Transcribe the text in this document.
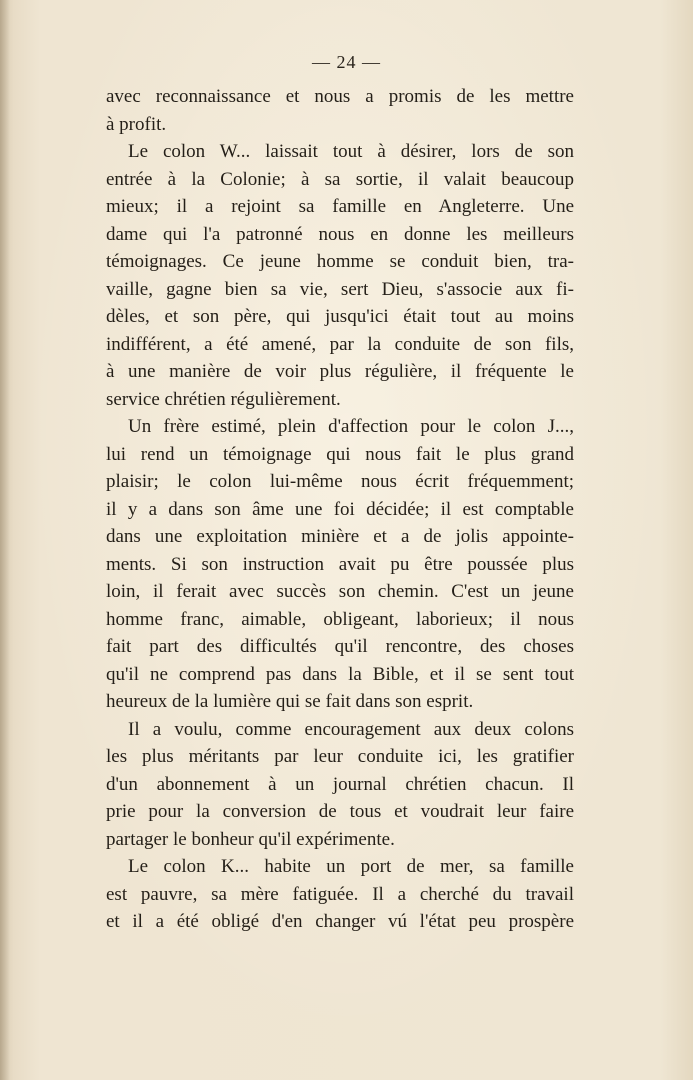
— 24 —
avec reconnaissance et nous a promis de les mettre
à profit.
Le colon W... laissait tout à désirer, lors de son
entrée à la Colonie; à sa sortie, il valait beaucoup
mieux; il a rejoint sa famille en Angleterre. Une
dame qui l'a patronné nous en donne les meilleurs
témoignages. Ce jeune homme se conduit bien, tra-
vaille, gagne bien sa vie, sert Dieu, s'associe aux fi-
dèles, et son père, qui jusqu'ici était tout au moins
indifférent, a été amené, par la conduite de son fils,
à une manière de voir plus régulière, il fréquente le
service chrétien régulièrement.
Un frère estimé, plein d'affection pour le colon J...,
lui rend un témoignage qui nous fait le plus grand
plaisir; le colon lui-même nous écrit fréquemment;
il y a dans son âme une foi décidée; il est comptable
dans une exploitation minière et a de jolis appointe-
ments. Si son instruction avait pu être poussée plus
loin, il ferait avec succès son chemin. C'est un jeune
homme franc, aimable, obligeant, laborieux; il nous
fait part des difficultés qu'il rencontre, des choses
qu'il ne comprend pas dans la Bible, et il se sent tout
heureux de la lumière qui se fait dans son esprit.
Il a voulu, comme encouragement aux deux colons
les plus méritants par leur conduite ici, les gratifier
d'un abonnement à un journal chrétien chacun. Il
prie pour la conversion de tous et voudrait leur faire
partager le bonheur qu'il expérimente.
Le colon K... habite un port de mer, sa famille
est pauvre, sa mère fatiguée. Il a cherché du travail
et il a été obligé d'en changer vú l'état peu prospère
